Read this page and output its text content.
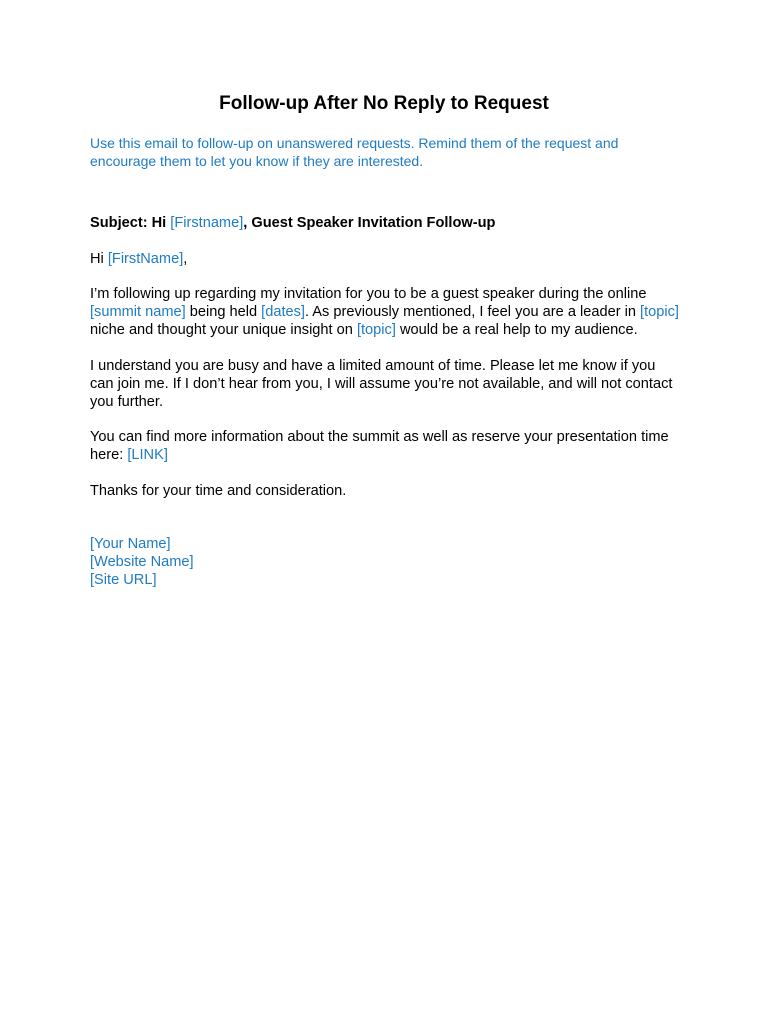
Follow-up After No Reply to Request

Use this email to follow-up on unanswered requests. Remind them of the request and encourage them to let you know if they are interested.

Subject: Hi [Firstname], Guest Speaker Invitation Follow-up

Hi [FirstName],

I’m following up regarding my invitation for you to be a guest speaker during the online [summit name] being held [dates]. As previously mentioned, I feel you are a leader in [topic] niche and thought your unique insight on [topic] would be a real help to my audience.

I understand you are busy and have a limited amount of time. Please let me know if you can join me. If I don’t hear from you, I will assume you’re not available, and will not contact you further.

You can find more information about the summit as well as reserve your presentation time here: [LINK]

Thanks for your time and consideration.

[Your Name]
[Website Name]
[Site URL]
